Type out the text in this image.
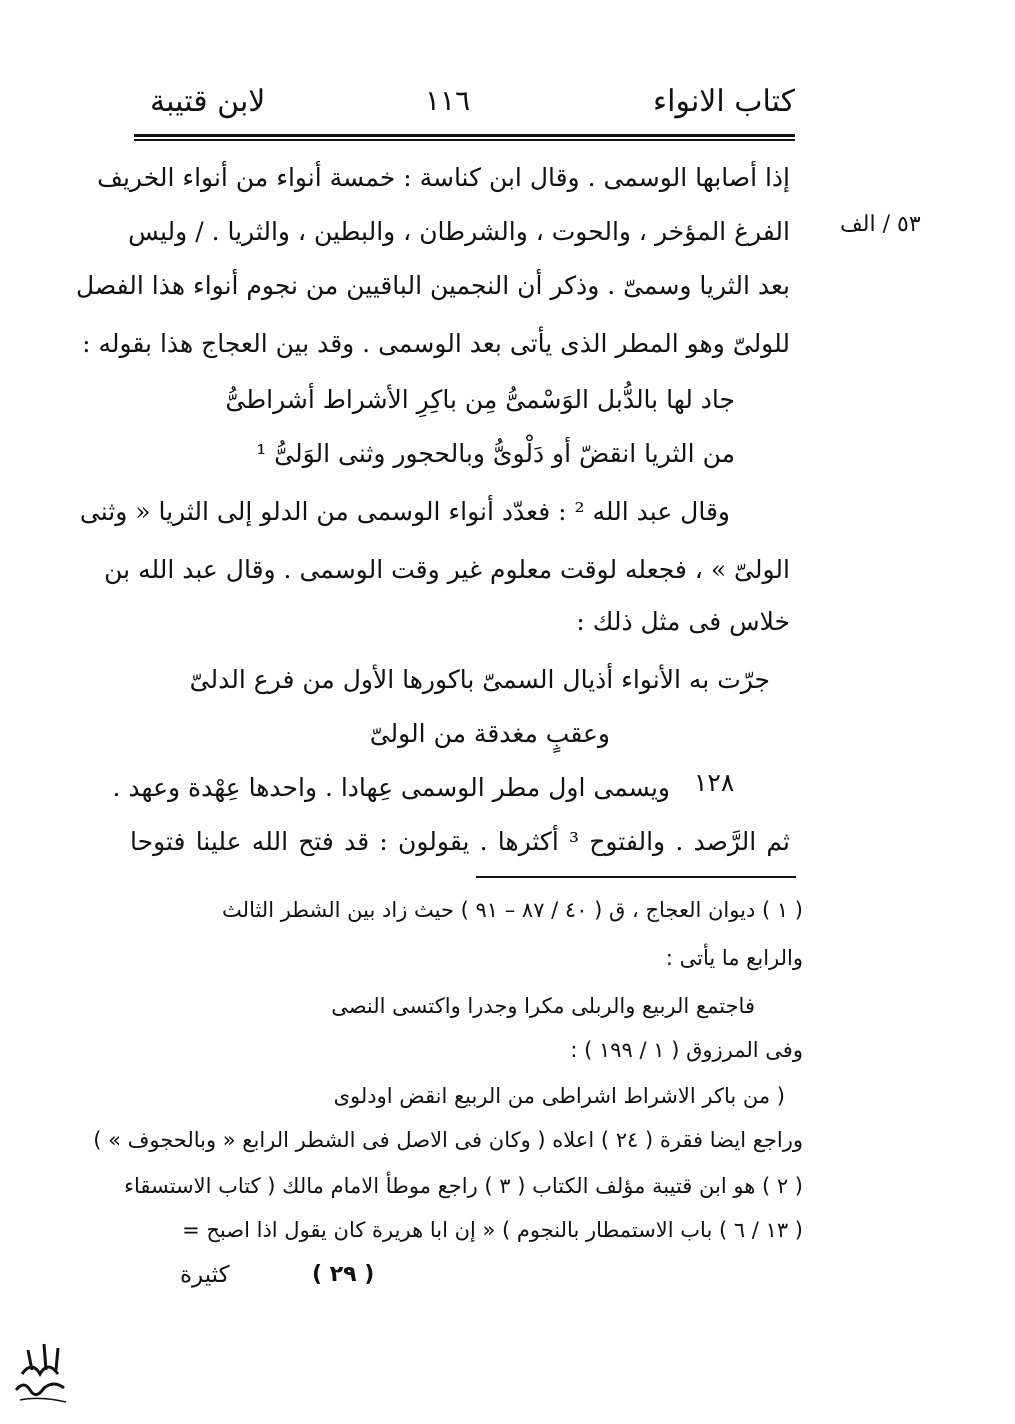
كتاب الانواء
١١٦
لابن قتيبة
٥٣ / الف
إذا أصابها الوسمى . وقال ابن كناسة : خمسة أنواء من أنواء الخريف
الفرغ المؤخر ، والحوت ، والشرطان ، والبطين ، والثريا . / وليس
بعد الثريا وسمىّ . وذكر أن النجمين الباقيين من نجوم أنواء هذا الفصل
للولىّ وهو المطر الذى يأتى بعد الوسمى . وقد بين العجاج هذا بقوله :
جاد لها بالدُّبل الوَسْمىُّ مِن باكِرِ الأشراط أشراطىُّ
من الثريا انقضّ أو دَلْوىُّ وبالحجور وثنى الوَلىُّ ¹
وقال عبد الله ² : فعدّد أنواء الوسمى من الدلو إلى الثريا « وثنى
الولىّ » ، فجعله لوقت معلوم غير وقت الوسمى . وقال عبد الله بن
خلاس فى مثل ذلك :
جرّت به الأنواء أذيال السمىّ باكورها الأول من فرع الدلىّ
وعقبٍ مغدقة من الولىّ
١٢٨
ويسمى اول مطر الوسمى عِهادا . واحدها عِهْدة وعهد .
ثم الرَّصد . والفتوح ³ أكثرها . يقولون : قد فتح الله علينا فتوحا
( ١ ) ديوان العجاج ، ق ( ٤٠ / ٨٧ – ٩١ ) حيث زاد بين الشطر الثالث
والرابع ما يأتى :
فاجتمع الربيع والربلى مكرا وجدرا واكتسى النصى
وفى المرزوق ( ١ / ١٩٩ ) :
( من باكر الاشراط اشراطى من الربيع انقض اودلوى
وراجع ايضا فقرة ( ٢٤ ) اعلاه ( وكان فى الاصل فى الشطر الرابع « وبالحجوف » )
( ٢ ) هو ابن قتيبة مؤلف الكتاب ( ٣ ) راجع موطأ الامام مالك ( كتاب الاستسقاء
( ١٣ / ٦ ) باب الاستمطار بالنجوم ) « إن ابا هريرة كان يقول اذا اصبح =
( ٢٩ )
كثيرة
